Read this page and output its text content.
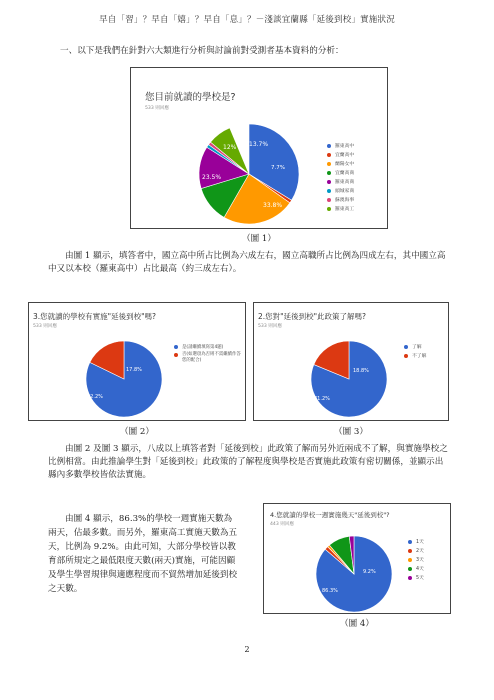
早自「習」？早自「嬉」？早自「息」？－淺談宜蘭縣「延後到校」實施狀況
一、以下是我們在針對六大類進行分析與討論前對受測者基本資料的分析：
您目前就讀的學校是?
533 則回應
33.8%
23.5%
12% 13.7%
7.7%
羅東高中
宜蘭高中
蘭陽女中
宜蘭高商
羅東高商
頭城家商
蘇澳海事
羅東高工
（圖 1）
由圖 1 顯示，填答者中，國立高中所占比例為六成左右，國立高職所占比例為四成左右，其中國立高中又以本校（羅東高中）占比最高（約三成左右）。
3.您就讀的學校有實施"延後到校"嗎?
533 則回應
82.2%
17.8%
是(請繼續填寫第4題)
否(如選項為否則不需繼續作答 您的配合)
（圖 2）
2.您對"延後到校"此政策了解嗎?
533 則回應
81.2%
18.8%
了解
不了解
（圖 3）
由圖 2 及圖 3 顯示，八成以上填答者對「延後到校」此政策了解而另外近兩成不了解，與實施學校之比例相當。由此推論學生對「延後到校」此政策的了解程度與學校是否實施此政策有密切關係，並顯示出縣內多數學校皆依法實施。
由圖 4 顯示，86.3%的學校一週實施天數為兩天，佔最多數。而另外，羅東高工實施天數為五天，比例為 9.2%。由此可知，大部分學校皆以教育部所規定之最低限度天數(兩天)實施，可能因顧及學生學習規律與適應程度而不貿然增加延後到校之天數。
4.您就讀的學校一週實施幾天"延後到校"?
443 則回應
86.3%
9.2%
1天
2天
3天
4天
5天
（圖 4）
2
